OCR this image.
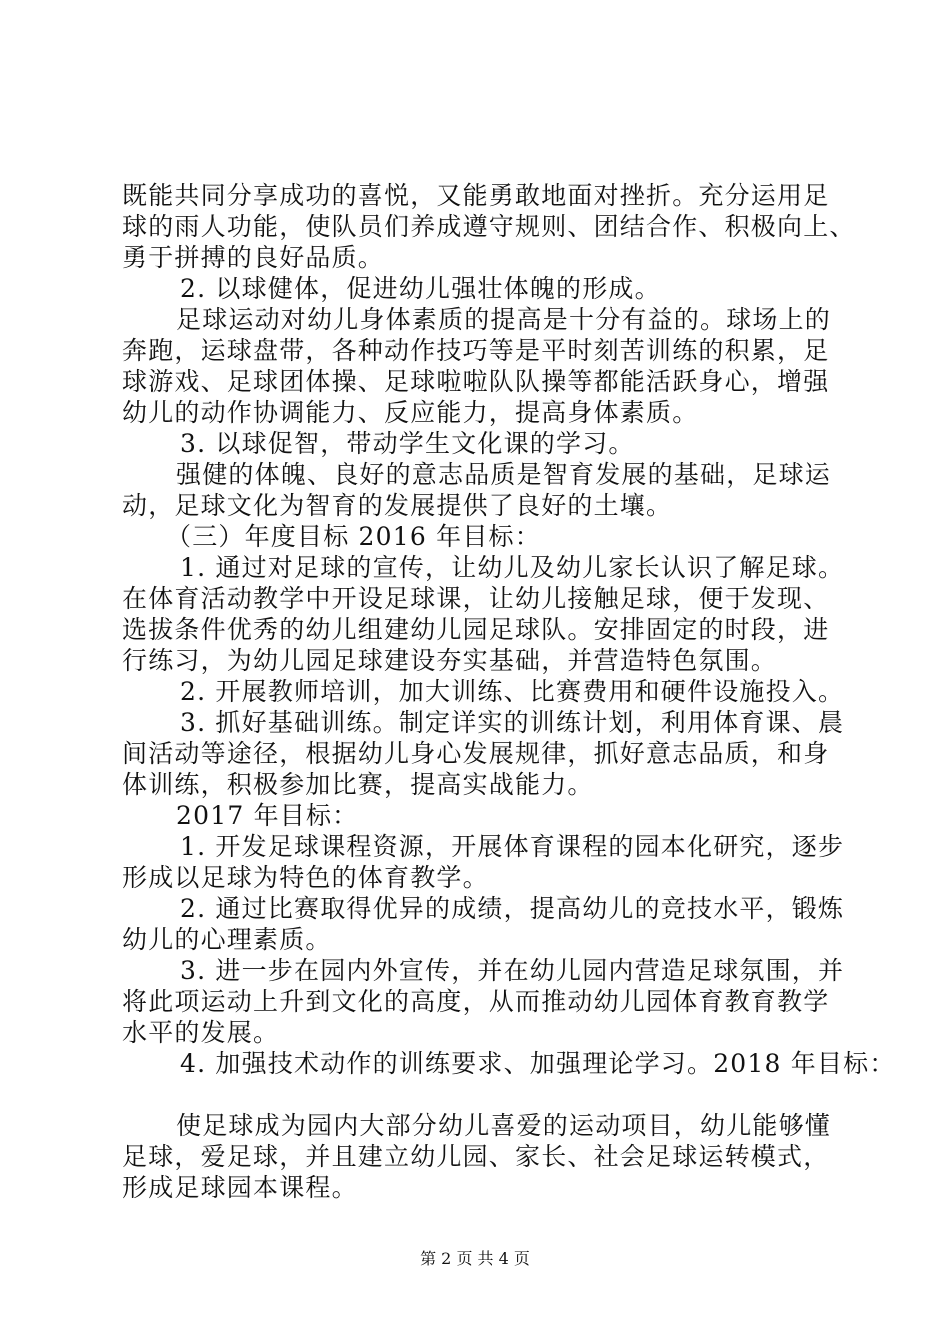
既能共同分享成功的喜悦，又能勇敢地面对挫折。充分运用足
球的雨人功能，使队员们养成遵守规则、团结合作、积极向上、
勇于拼搏的良好品质。
2. 以球健体，促进幼儿强壮体魄的形成。
足球运动对幼儿身体素质的提高是十分有益的。球场上的
奔跑，运球盘带，各种动作技巧等是平时刻苦训练的积累，足
球游戏、足球团体操、足球啦啦队队操等都能活跃身心，增强
幼儿的动作协调能力、反应能力，提高身体素质。
3. 以球促智，带动学生文化课的学习。
强健的体魄、良好的意志品质是智育发展的基础，足球运
动，足球文化为智育的发展提供了良好的土壤。
（三）年度目标 2016 年目标：
1. 通过对足球的宣传，让幼儿及幼儿家长认识了解足球。
在体育活动教学中开设足球课，让幼儿接触足球，便于发现、
选拔条件优秀的幼儿组建幼儿园足球队。安排固定的时段，进
行练习，为幼儿园足球建设夯实基础，并营造特色氛围。
2. 开展教师培训，加大训练、比赛费用和硬件设施投入。
3. 抓好基础训练。制定详实的训练计划，利用体育课、晨
间活动等途径，根据幼儿身心发展规律，抓好意志品质，和身
体训练，积极参加比赛，提高实战能力。
2017 年目标：
1. 开发足球课程资源，开展体育课程的园本化研究，逐步
形成以足球为特色的体育教学。
2. 通过比赛取得优异的成绩，提高幼儿的竞技水平，锻炼
幼儿的心理素质。
3. 进一步在园内外宣传，并在幼儿园内营造足球氛围，并
将此项运动上升到文化的高度，从而推动幼儿园体育教育教学
水平的发展。
4. 加强技术动作的训练要求、加强理论学习。2018 年目标：
使足球成为园内大部分幼儿喜爱的运动项目，幼儿能够懂
足球，爱足球，并且建立幼儿园、家长、社会足球运转模式，
形成足球园本课程。
第 2 页 共 4 页
